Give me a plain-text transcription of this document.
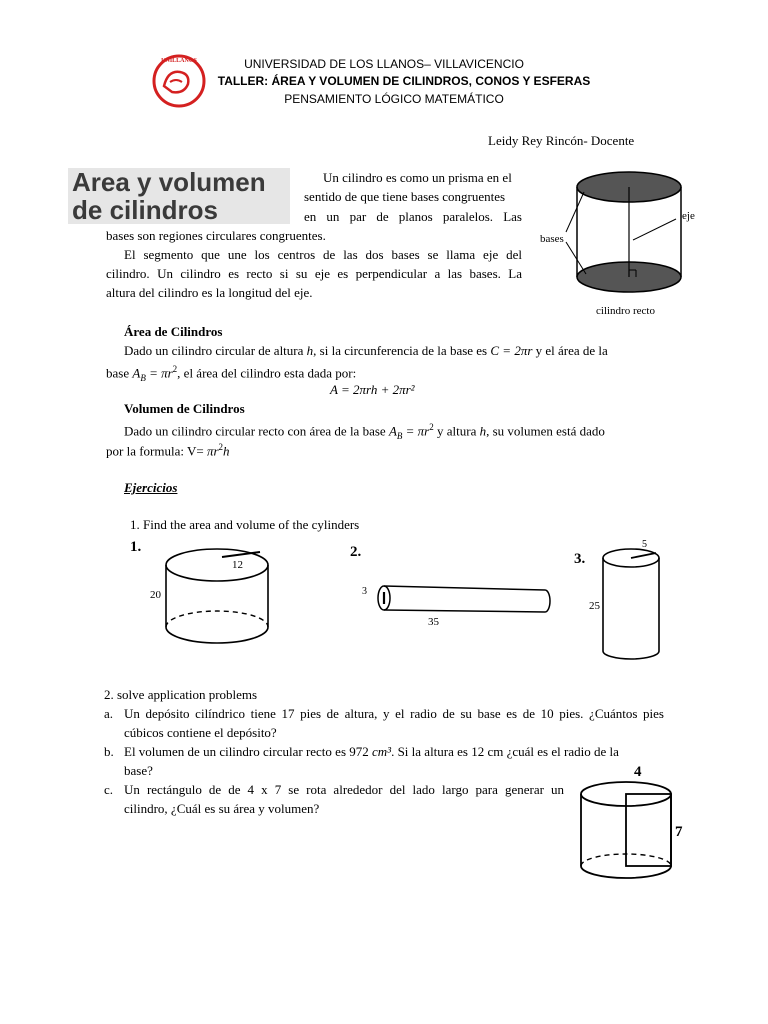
UNILLANOS	UNIVERSIDAD DE LOS LLANOS– VILLAVICENCIO
TALLER: ÁREA Y VOLUMEN DE CILINDROS, CONOS Y ESFERAS
PENSAMIENTO LÓGICO MATEMÁTICO
Leidy Rey Rincón- Docente
Area y volumen
de cilindros
Un cilindro es como un prisma en el
sentido de que tiene bases congruentes
en un par de planos paralelos. Las
bases son regiones circulares congruentes.
El segmento que une los centros de las dos bases se llama eje del
cilindro. Un cilindro es recto si su eje es perpendicular a las bases. La
altura del cilindro es la longitud del eje.
bases
eje
cilindro recto
Área de Cilindros
Dado un cilindro circular de altura h, si la circunferencia de la base es C = 2πr y el área de la
base $A_B = \pi r^2$, el área del cilindro esta dada por:
A = 2πrh + 2πr²
Volumen de Cilindros
Dado un cilindro circular recto con área de la base $A_B = \pi r^2$ y altura h, su volumen está dado
por la formula: $V= \pi r^2h$
Ejercicios
1. Find the area and volume of the cylinders
1.
12
20
2.
3
35
3.
5
25
2. solve application problems
a. Un depósito cilíndrico tiene 17 pies de altura, y el radio de su base es de 10 pies. ¿Cuántos pies
cúbicos contiene el depósito?
b. El volumen de un cilindro circular recto es 972 cm³. Si la altura es 12 cm ¿cuál es el radio de la
base?
c. Un rectángulo de de 4 x 7 se rota alrededor del lado largo para generar un
cilindro, ¿Cuál es su área y volumen?
4
7
